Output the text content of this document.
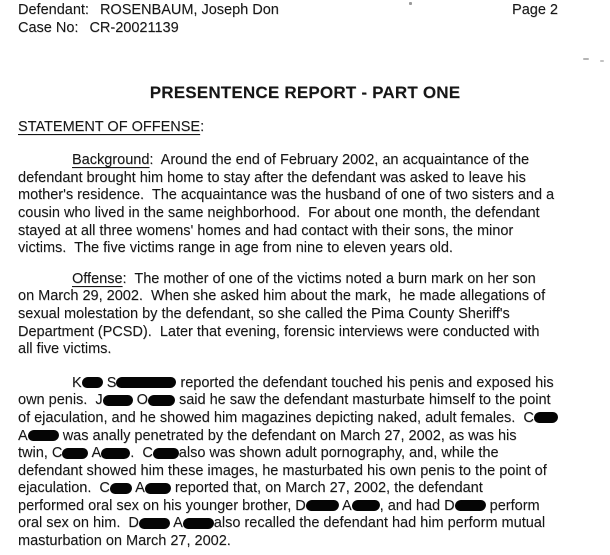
Defendant: ROSENBAUM, Joseph Don
Case No: CR-20021139
Page 2
PRESENTENCE REPORT - PART ONE
STATEMENT OF OFFENSE:
Background:  Around the end of February 2002, an acquaintance of the
defendant brought him home to stay after the defendant was asked to leave his
mother's residence.  The acquaintance was the husband of one of two sisters and a
cousin who lived in the same neighborhood.  For about one month, the defendant
stayed at all three womens' homes and had contact with their sons, the minor
victims.  The five victims range in age from nine to eleven years old.
Offense:  The mother of one of the victims noted a burn mark on her son
on March 29, 2002.  When she asked him about the mark,  he made allegations of
sexual molestation by the defendant, so she called the Pima County Sheriff's
Department (PCSD).  Later that evening, forensic interviews were conducted with
all five victims.
K S	reported the defendant touched his penis and exposed his
own penis.  J O said he saw the defendant masturbate himself to the point
of ejaculation, and he showed him magazines depicting naked, adult females.  C
A was anally penetrated by the defendant on March 27, 2002, as was his
twin, C A .  C also was shown adult pornography, and, while the
defendant showed him these images, he masturbated his own penis to the point of
ejaculation.  C A reported that, on March 27, 2002, the defendant
performed oral sex on his younger brother, D A , and had D perform
oral sex on him.  D A also recalled the defendant had him perform mutual
masturbation on March 27, 2002.
